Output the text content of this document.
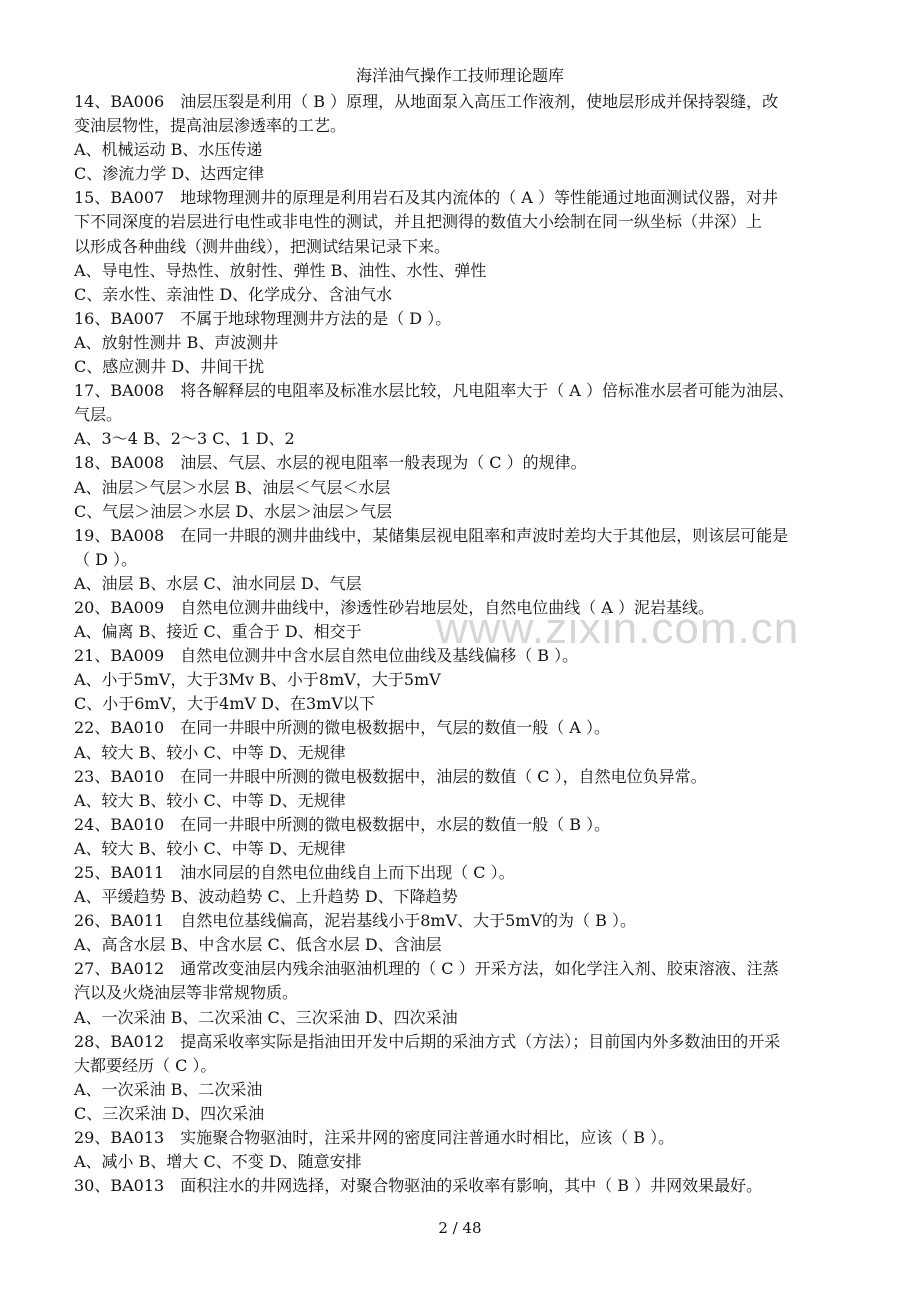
海洋油气操作工技师理论题库
14、BA006　油层压裂是利用（ B ）原理，从地面泵入高压工作液剂，使地层形成并保持裂缝，改
变油层物性，提高油层渗透率的工艺。
A、机械运动 B、水压传递
C、渗流力学 D、达西定律
15、BA007　地球物理测井的原理是利用岩石及其内流体的（ A ）等性能通过地面测试仪器，对井
下不同深度的岩层进行电性或非电性的测试，并且把测得的数值大小绘制在同一纵坐标（井深）上
以形成各种曲线（测井曲线），把测试结果记录下来。
A、导电性、导热性、放射性、弹性 B、油性、水性、弹性
C、亲水性、亲油性 D、化学成分、含油气水
16、BA007　不属于地球物理测井方法的是（ D ）。
A、放射性测井 B、声波测井
C、感应测井 D、井间干扰
17、BA008　将各解释层的电阻率及标准水层比较，凡电阻率大于（ A ）倍标准水层者可能为油层、
气层。
A、3～4 B、2～3 C、1 D、2
18、BA008　油层、气层、水层的视电阻率一般表现为（ C ）的规律。
A、油层＞气层＞水层 B、油层＜气层＜水层
C、气层＞油层＞水层 D、水层＞油层＞气层
19、BA008　在同一井眼的测井曲线中，某储集层视电阻率和声波时差均大于其他层，则该层可能是
（ D ）。
A、油层 B、水层 C、油水同层 D、气层
20、BA009　自然电位测井曲线中，渗透性砂岩地层处，自然电位曲线（ A ）泥岩基线。
A、偏离 B、接近 C、重合于 D、相交于
21、BA009　自然电位测井中含水层自然电位曲线及基线偏移（ B ）。
A、小于5mV，大于3Mv B、小于8mV，大于5mV
C、小于6mV，大于4mV D、在3mV以下
22、BA010　在同一井眼中所测的微电极数据中，气层的数值一般（ A ）。
A、较大 B、较小 C、中等 D、无规律
23、BA010　在同一井眼中所测的微电极数据中，油层的数值（ C ），自然电位负异常。
A、较大 B、较小 C、中等 D、无规律
24、BA010　在同一井眼中所测的微电极数据中，水层的数值一般（ B ）。
A、较大 B、较小 C、中等 D、无规律
25、BA011　油水同层的自然电位曲线自上而下出现（ C ）。
A、平缓趋势 B、波动趋势 C、上升趋势 D、下降趋势
26、BA011　自然电位基线偏高，泥岩基线小于8mV、大于5mV的为（ B ）。
A、高含水层 B、中含水层 C、低含水层 D、含油层
27、BA012　通常改变油层内残余油驱油机理的（ C ）开采方法，如化学注入剂、胶束溶液、注蒸
汽以及火烧油层等非常规物质。
A、一次采油 B、二次采油 C、三次采油 D、四次采油
28、BA012　提高采收率实际是指油田开发中后期的采油方式（方法）；目前国内外多数油田的开采
大都要经历（ C ）。
A、一次采油 B、二次采油
C、三次采油 D、四次采油
29、BA013　实施聚合物驱油时，注采井网的密度同注普通水时相比，应该（ B ）。
A、减小 B、增大 C、不变 D、随意安排
30、BA013　面积注水的井网选择，对聚合物驱油的采收率有影响，其中（ B ）井网效果最好。
www.zixin.com.cn
2 / 48
